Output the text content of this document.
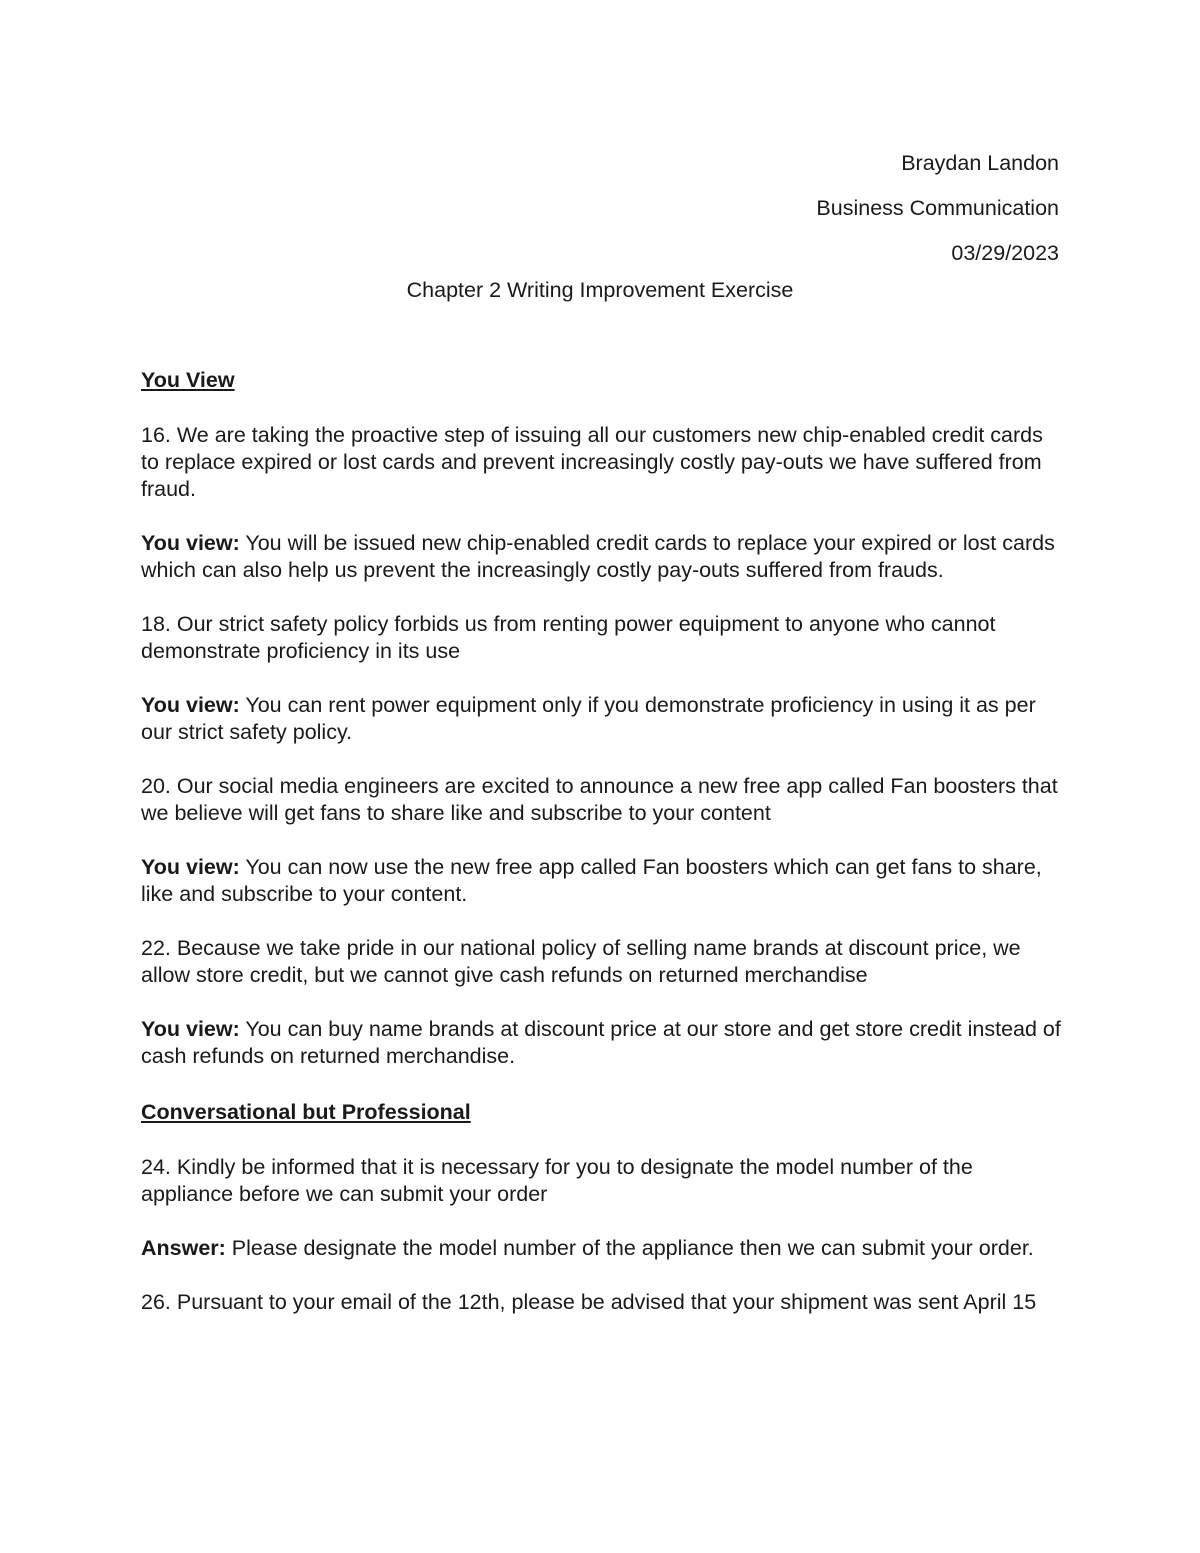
Braydan Landon
Business Communication
03/29/2023
Chapter 2 Writing Improvement Exercise
You View

16. We are taking the proactive step of issuing all our customers new chip-enabled credit cards to replace expired or lost cards and prevent increasingly costly pay-outs we have suffered from fraud.

You view: You will be issued new chip-enabled credit cards to replace your expired or lost cards which can also help us prevent the increasingly costly pay-outs suffered from frauds.

18. Our strict safety policy forbids us from renting power equipment to anyone who cannot demonstrate proficiency in its use

You view: You can rent power equipment only if you demonstrate proficiency in using it as per our strict safety policy.

20. Our social media engineers are excited to announce a new free app called Fan boosters that we believe will get fans to share like and subscribe to your content

You view: You can now use the new free app called Fan boosters which can get fans to share, like and subscribe to your content.

22. Because we take pride in our national policy of selling name brands at discount price, we allow store credit, but we cannot give cash refunds on returned merchandise

You view: You can buy name brands at discount price at our store and get store credit instead of cash refunds on returned merchandise.

Conversational but Professional

24. Kindly be informed that it is necessary for you to designate the model number of the appliance before we can submit your order

Answer: Please designate the model number of the appliance then we can submit your order.

26. Pursuant to your email of the 12th, please be advised that your shipment was sent April 15
